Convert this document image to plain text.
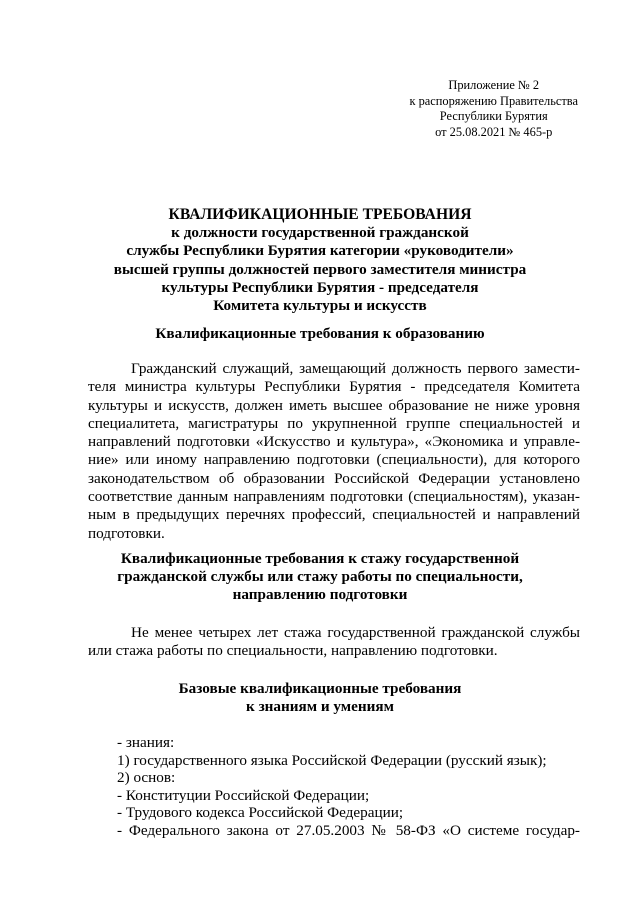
Приложение № 2
к распоряжению Правительства
Республики Бурятия
от 25.08.2021 № 465-р
КВАЛИФИКАЦИОННЫЕ ТРЕБОВАНИЯ
к должности государственной гражданской
службы Республики Бурятия категории «руководители»
высшей группы должностей первого заместителя министра
культуры Республики Бурятия - председателя
Комитета культуры и искусств
Квалификационные требования к образованию
Гражданский служащий, замещающий должность первого замести-
теля министра культуры Республики Бурятия - председателя Комитета
культуры и искусств, должен иметь высшее образование не ниже уровня
специалитета, магистратуры по укрупненной группе специальностей и
направлений подготовки «Искусство и культура», «Экономика и управле-
ние» или иному направлению подготовки (специальности), для которого
законодательством об образовании Российской Федерации установлено
соответствие данным направлениям подготовки (специальностям), указан-
ным в предыдущих перечнях профессий, специальностей и направлений
подготовки.
Квалификационные требования к стажу государственной
гражданской службы или стажу работы по специальности,
направлению подготовки
Не менее четырех лет стажа государственной гражданской службы
или стажа работы по специальности, направлению подготовки.
Базовые квалификационные требования
к знаниям и умениям
- знания:
1) государственного языка Российской Федерации (русский язык);
2) основ:
- Конституции Российской Федерации;
- Трудового кодекса Российской Федерации;
- Федерального закона от 27.05.2003 № 58-ФЗ «О системе государ-
